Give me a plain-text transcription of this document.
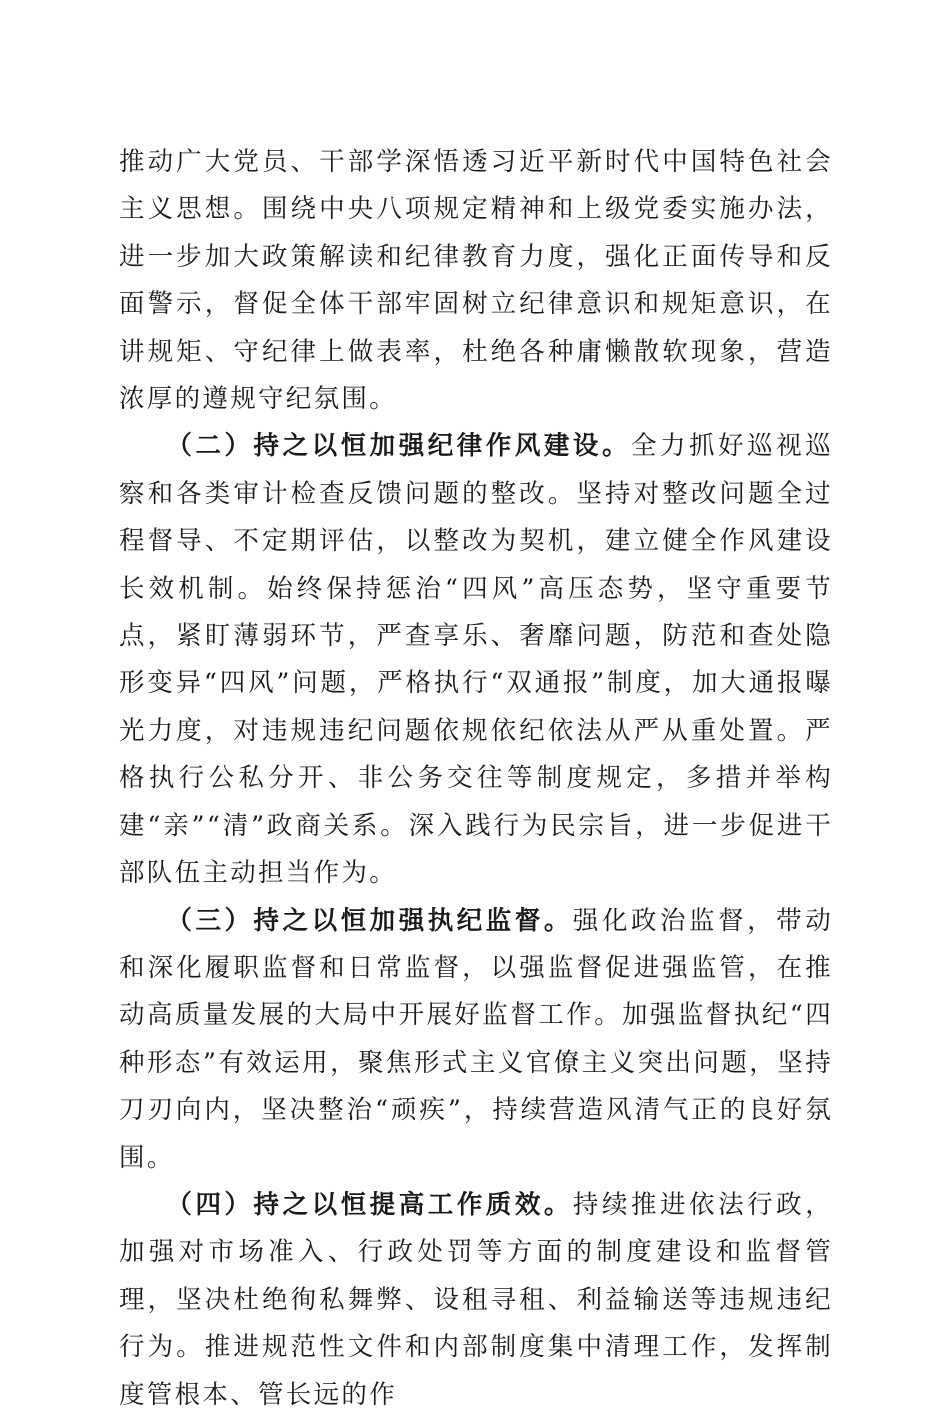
推动广大党员、干部学深悟透习近平新时代中国特色社会主义思想。围绕中央八项规定精神和上级党委实施办法，进一步加大政策解读和纪律教育力度，强化正面传导和反面警示，督促全体干部牢固树立纪律意识和规矩意识，在讲规矩、守纪律上做表率，杜绝各种庸懒散软现象，营造浓厚的遵规守纪氛围。

（二）持之以恒加强纪律作风建设。全力抓好巡视巡察和各类审计检查反馈问题的整改。坚持对整改问题全过程督导、不定期评估，以整改为契机，建立健全作风建设长效机制。始终保持惩治“四风”高压态势，坚守重要节点，紧盯薄弱环节，严查享乐、奢靡问题，防范和查处隐形变异“四风”问题，严格执行“双通报”制度，加大通报曝光力度，对违规违纪问题依规依纪依法从严从重处置。严格执行公私分开、非公务交往等制度规定，多措并举构建“亲”“清”政商关系。深入践行为民宗旨，进一步促进干部队伍主动担当作为。

（三）持之以恒加强执纪监督。强化政治监督，带动和深化履职监督和日常监督，以强监督促进强监管，在推动高质量发展的大局中开展好监督工作。加强监督执纪“四种形态”有效运用，聚焦形式主义官僚主义突出问题，坚持刀刃向内，坚决整治“顽疾”，持续营造风清气正的良好氛围。

（四）持之以恒提高工作质效。持续推进依法行政，加强对市场准入、行政处罚等方面的制度建设和监督管理，坚决杜绝徇私舞弊、设租寻租、利益输送等违规违纪行为。推进规范性文件和内部制度集中清理工作，发挥制度管根本、管长远的作
